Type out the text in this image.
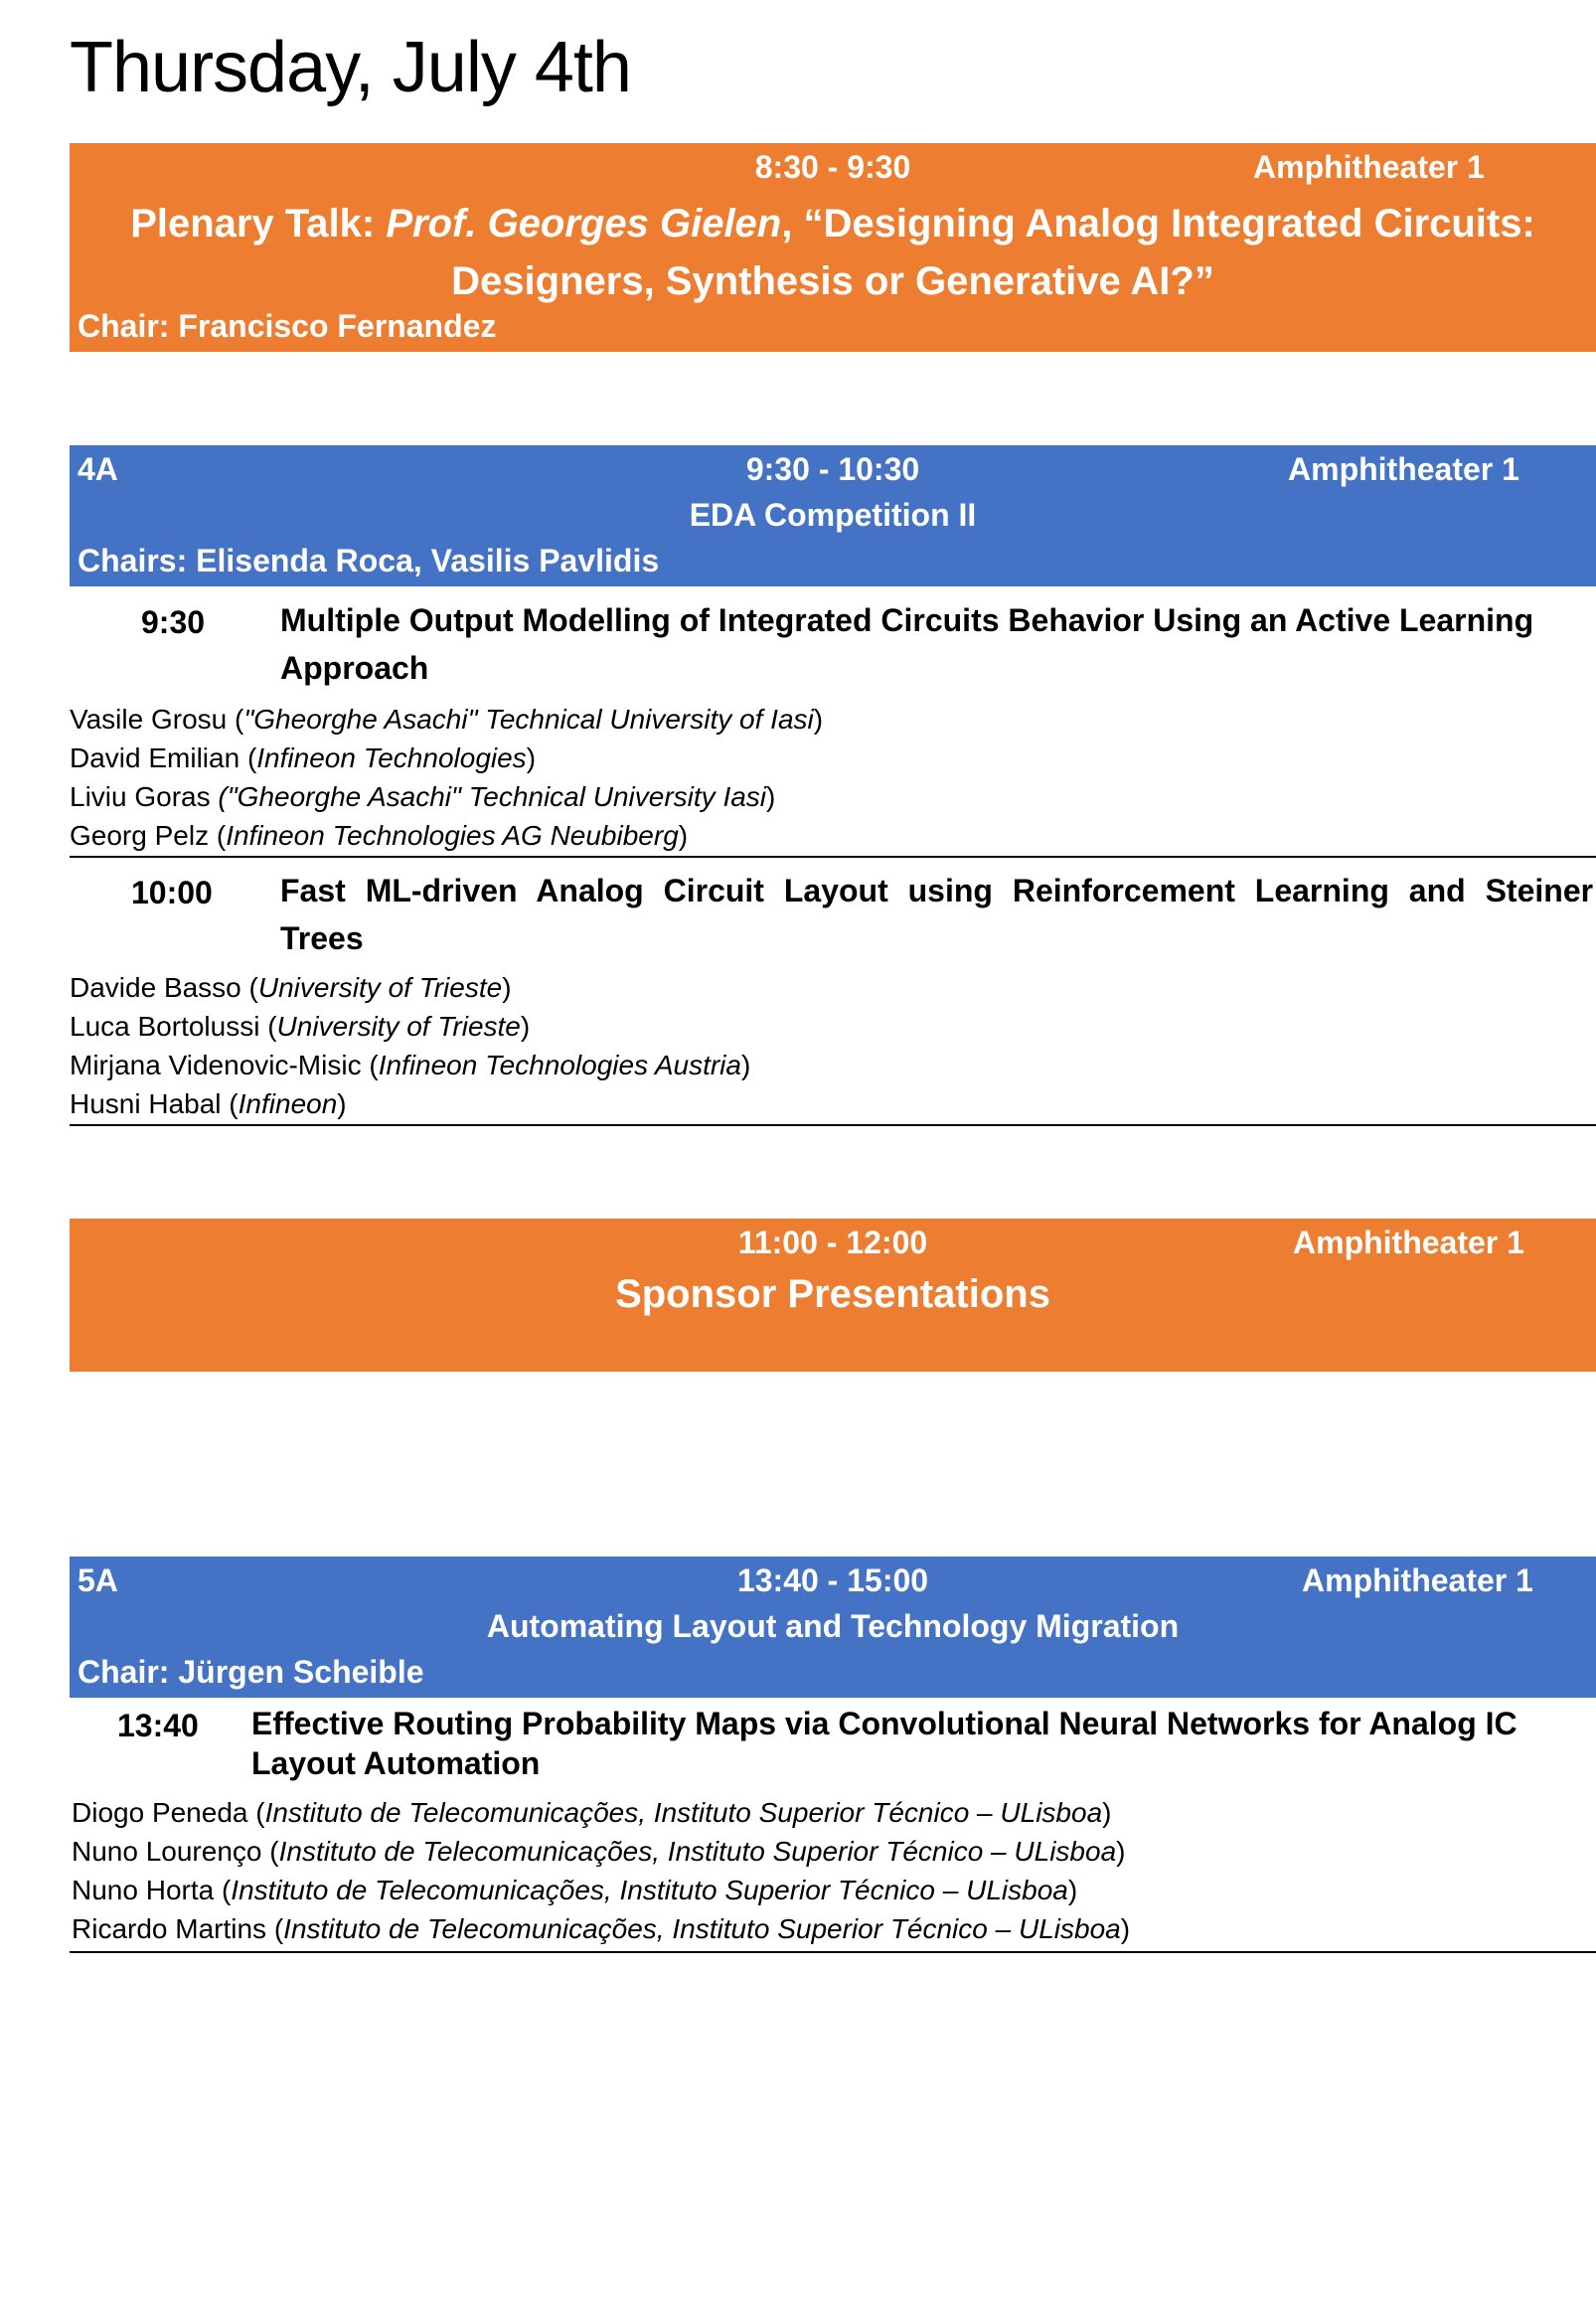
Thursday, July 4th
8:30 - 9:30	Amphitheater 1
Plenary Talk: Prof. Georges Gielen, “Designing Analog Integrated Circuits:
Designers, Synthesis or Generative AI?”
Chair: Francisco Fernandez
4A	9:30 - 10:30	Amphitheater 1
EDA Competition II
Chairs: Elisenda Roca, Vasilis Pavlidis
9:30 Multiple Output Modelling of Integrated Circuits Behavior Using an Active Learning
Approach
Vasile Grosu ("Gheorghe Asachi" Technical University of Iasi)
David Emilian (Infineon Technologies)
Liviu Goras ("Gheorghe Asachi" Technical University Iasi)
Georg Pelz (Infineon Technologies AG Neubiberg)
10:00 Fast ML-driven Analog Circuit Layout using Reinforcement Learning and Steiner
Trees
Davide Basso (University of Trieste)
Luca Bortolussi (University of Trieste)
Mirjana Videnovic-Misic (Infineon Technologies Austria)
Husni Habal (Infineon)
11:00 - 12:00	Amphitheater 1
Sponsor Presentations
5A	13:40 - 15:00	Amphitheater 1
Automating Layout and Technology Migration
Chair: Jürgen Scheible
13:40 Effective Routing Probability Maps via Convolutional Neural Networks for Analog IC
Layout Automation
Diogo Peneda (Instituto de Telecomunicações, Instituto Superior Técnico – ULisboa)
Nuno Lourenço (Instituto de Telecomunicações, Instituto Superior Técnico – ULisboa)
Nuno Horta (Instituto de Telecomunicações, Instituto Superior Técnico – ULisboa)
Ricardo Martins (Instituto de Telecomunicações, Instituto Superior Técnico – ULisboa)
